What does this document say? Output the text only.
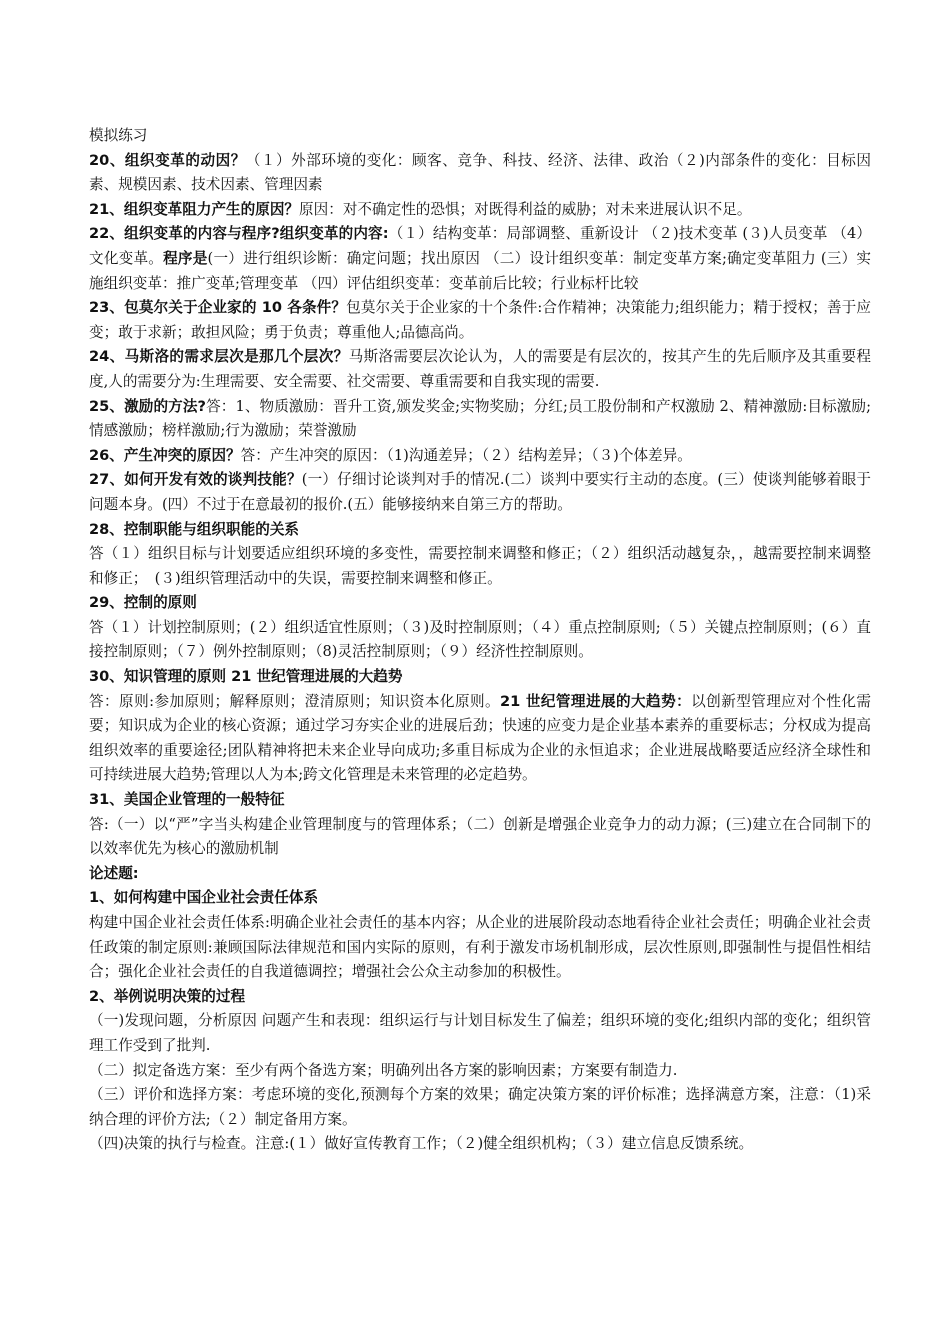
模拟练习

20、组织变革的动因？（１）外部环境的变化：顾客、竞争、科技、经济、法律、政治（２)内部条件的变化：目标因素、规模因素、技术因素、管理因素

21、组织变革阻力产生的原因？原因：对不确定性的恐惧；对既得利益的威胁；对未来进展认识不足。

22、组织变革的内容与程序?组织变革的内容:（１）结构变革：局部调整、重新设计 （２)技术变革 (３)人员变革 （4）文化变革。程序是(一）进行组织诊断：确定问题；找出原因 （二）设计组织变革：制定变革方案;确定变革阻力 (三）实施组织变革：推广变革;管理变革 （四）评估组织变革：变革前后比较；行业标杆比较

23、包莫尔关于企业家的 10 各条件？包莫尔关于企业家的十个条件:合作精神；决策能力;组织能力；精于授权；善于应变；敢于求新；敢担风险；勇于负责；尊重他人;品德高尚。

24、马斯洛的需求层次是那几个层次？马斯洛需要层次论认为，人的需要是有层次的，按其产生的先后顺序及其重要程度,人的需要分为:生理需要、安全需要、社交需要、尊重需要和自我实现的需要.

25、激励的方法?答：1、物质激励：晋升工资,颁发奖金;实物奖励；分红;员工股份制和产权激励 2、精神激励:目标激励;情感激励；榜样激励;行为激励；荣誉激励

26、产生冲突的原因？答：产生冲突的原因：（1)沟通差异；（２）结构差异；（３)个体差异。

27、如何开发有效的谈判技能？(一）仔细讨论谈判对手的情况.(二）谈判中要实行主动的态度。(三）使谈判能够着眼于问题本身。(四）不过于在意最初的报价.(五）能够接纳来自第三方的帮助。

28、控制职能与组织职能的关系

答（１）组织目标与计划要适应组织环境的多变性，需要控制来调整和修正；（２）组织活动越复杂，，越需要控制来调整和修正；　(３)组织管理活动中的失误，需要控制来调整和修正。

29、控制的原则

答（１）计划控制原则；(２）组织适宜性原则；（３)及时控制原则；（４）重点控制原则;（５）关键点控制原则；(６）直接控制原则；（７）例外控制原则；（8)灵活控制原则；（９）经济性控制原则。

30、知识管理的原则 21 世纪管理进展的大趋势

答：原则:参加原则；解释原则；澄清原则；知识资本化原则。21 世纪管理进展的大趋势：以创新型管理应对个性化需要；知识成为企业的核心资源；通过学习夯实企业的进展后劲；快速的应变力是企业基本素养的重要标志；分权成为提高组织效率的重要途径;团队精神将把未来企业导向成功;多重目标成为企业的永恒追求；企业进展战略要适应经济全球性和可持续进展大趋势;管理以人为本;跨文化管理是未来管理的必定趋势。

31、美国企业管理的一般特征

答:（一）以“严”字当头构建企业管理制度与的管理体系；（二）创新是增强企业竞争力的动力源；(三)建立在合同制下的以效率优先为核心的激励机制

论述题:

1、如何构建中国企业社会责任体系

构建中国企业社会责任体系:明确企业社会责任的基本内容；从企业的进展阶段动态地看待企业社会责任；明确企业社会责任政策的制定原则:兼顾国际法律规范和国内实际的原则，有利于激发市场机制形成，层次性原则,即强制性与提倡性相结合；强化企业社会责任的自我道德调控；增强社会公众主动参加的积极性。

2、举例说明决策的过程

（一)发现问题，分析原因 问题产生和表现：组织运行与计划目标发生了偏差；组织环境的变化;组织内部的变化；组织管理工作受到了批判.

（二）拟定备选方案：至少有两个备选方案；明确列出各方案的影响因素；方案要有制造力.

（三）评价和选择方案：考虑环境的变化,预测每个方案的效果；确定决策方案的评价标准；选择满意方案，注意：（1)采纳合理的评价方法;（２）制定备用方案。

（四)决策的执行与检查。注意:(１）做好宣传教育工作；（２)健全组织机构；（３）建立信息反馈系统。
